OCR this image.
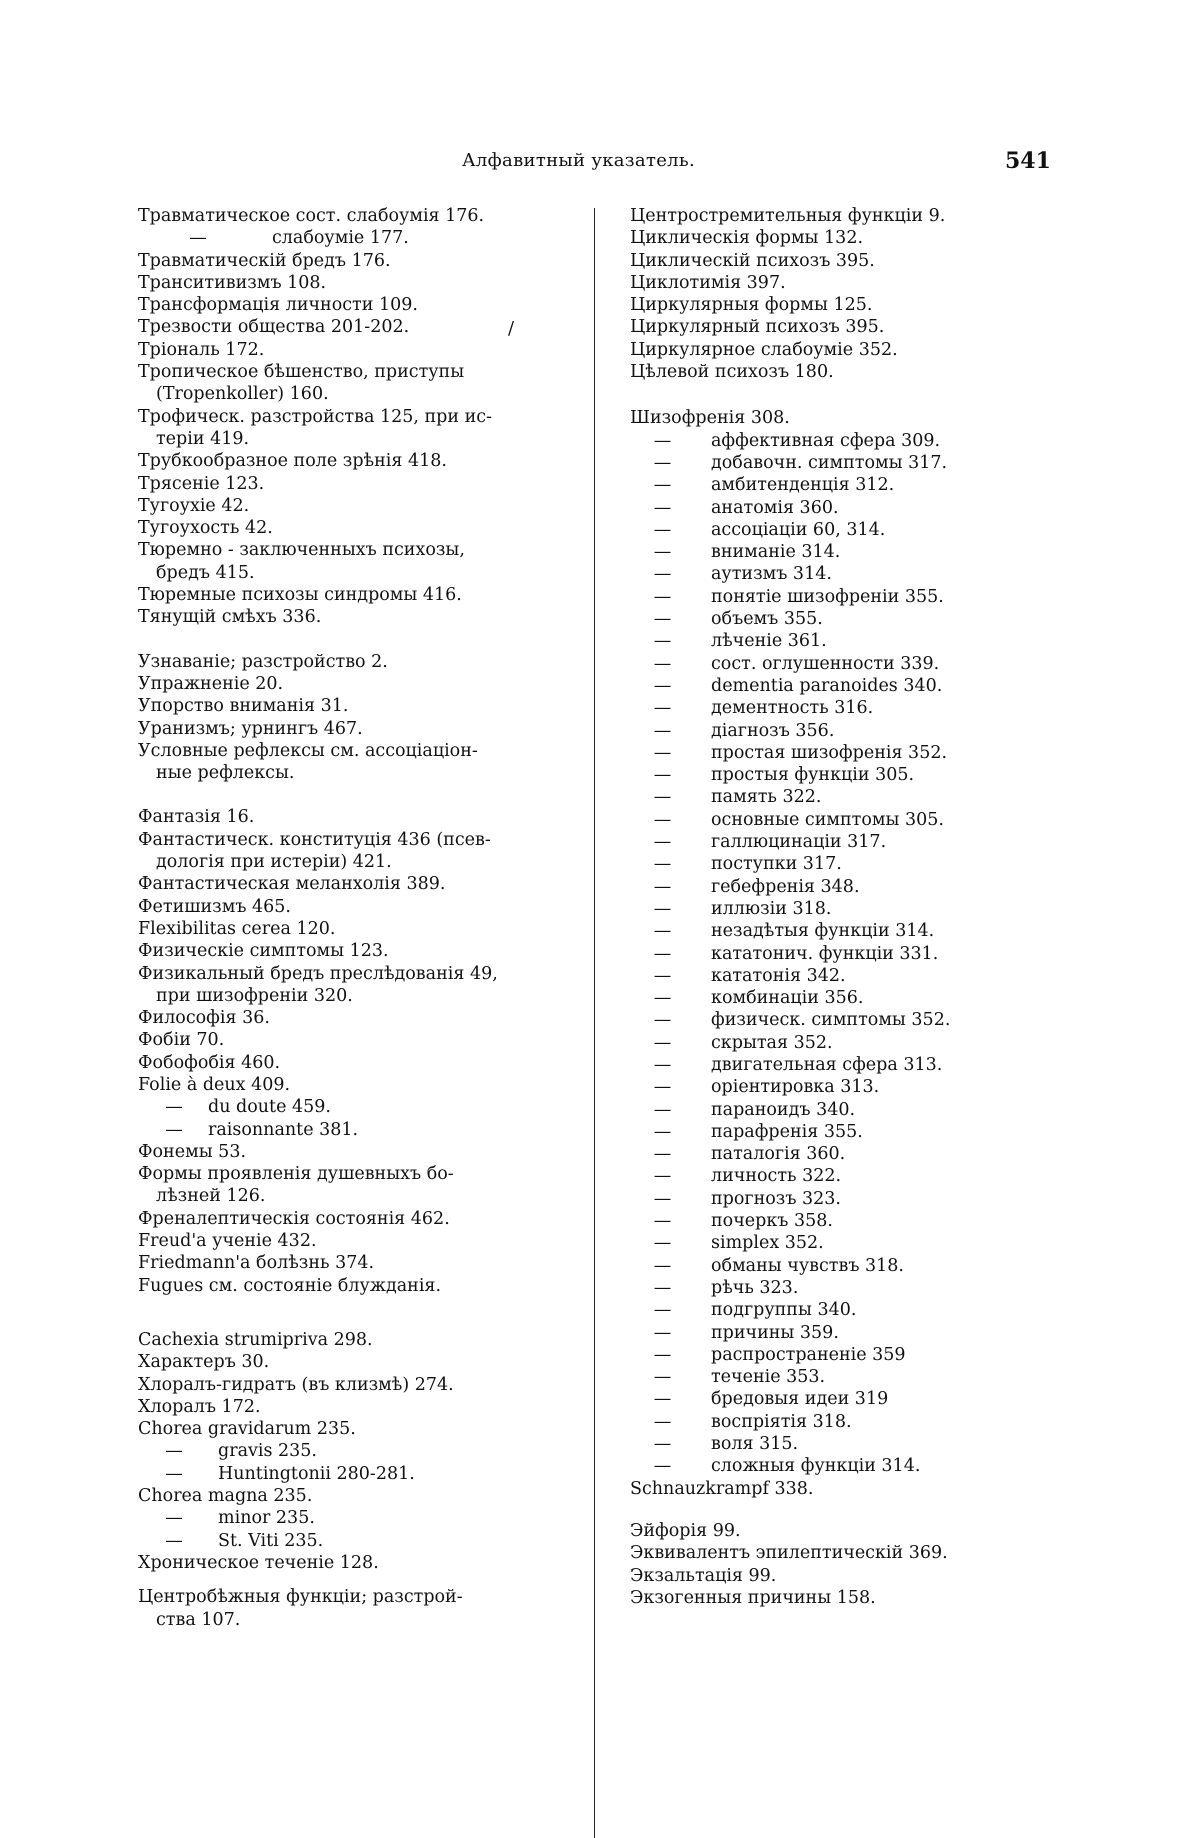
Алфавитный указатель.	541
/

Травматическое сост. слабоумія 176.

—	слабоуміе 177.

Травматическій бредъ 176.

Транситивизмъ 108.

Трансформація личности 109.

Трезвости общества 201-202.

Тріональ 172.

Тропическое бѣшенство, приступы

(Tropenkoller) 160.

Трофическ. разстройства 125, при ис-

теріи 419.

Трубкообразное поле зрѣнія 418.

Трясеніе 123.

Тугоухіе 42.

Тугоухость 42.

Тюремно - заключенныхъ психозы,

бредъ 415.

Тюремные психозы синдромы 416.

Тянущій смѣхъ 336.

Узнаваніе; разстройство 2.

Упражненіе 20.

Упорство вниманія 31.

Уранизмъ; урнингъ 467.

Условные рефлексы см. ассоціаціон-

ные рефлексы.

Фантазія 16.

Фантастическ. конституція 436 (псев-

дологія при истеріи) 421.

Фантастическая меланхолія 389.

Фетишизмъ 465.

Flexibilitas cerea 120.

Физическіе симптомы 123.

Физикальный бредъ преслѣдованія 49,

при шизофреніи 320.

Философія 36.

Фобіи 70.

Фобофобія 460.

Folie à deux 409.

—	du doute 459.
—	raisonnante 381.

Фонемы 53.

Формы проявленія душевныхъ бо-

лѣзней 126.

Френалептическія состоянія 462.

Freud'a ученіе 432.

Friedmann'a болѣзнь 374.

Fugues см. состояніе блужданія.

Cachexia strumipriva 298.

Характеръ 30.

Хлоралъ-гидратъ (въ клизмѣ) 274.

Хлоралъ 172.

Chorea gravidarum 235.

—	gravis 235.
—	Huntingtonii 280-281.

Chorea magna 235.

—	minor 235.
—	St. Viti 235.

Хроническое теченіе 128.

Центробѣжныя функціи; разстрой-

ства 107.

Центростремительныя функціи 9.

Циклическія формы 132.

Циклическій психозъ 395.

Циклотимія 397.

Циркулярныя формы 125.

Циркулярный психозъ 395.

Циркулярное слабоуміе 352.

Цѣлевой психозъ 180.

Шизофренія 308.

—	аффективная сфера 309.
—	добавочн. симптомы 317.
—	амбитенденція 312.
—	анатомія 360.
—	ассоціаціи 60, 314.
—	вниманіе 314.
—	аутизмъ 314.
—	понятіе шизофреніи 355.
—	объемъ 355.
—	лѣченіе 361.
—	сост. оглушенности 339.
—	dementia paranoides 340.
—	дементность 316.
—	діагнозъ 356.
—	простая шизофренія 352.
—	простыя функціи 305.
—	память 322.
—	основные симптомы 305.
—	галлюцинаціи 317.
—	поступки 317.
—	гебефренія 348.
—	иллюзіи 318.
—	незадѣтыя функціи 314.
—	кататонич. функціи 331.
—	кататонія 342.
—	комбинаціи 356.
—	физическ. симптомы 352.
—	скрытая 352.
—	двигательная сфера 313.
—	оріентировка 313.
—	параноидъ 340.
—	парафренія 355.
—	паталогія 360.
—	личность 322.
—	прогнозъ 323.
—	почеркъ 358.
—	simplex 352.
—	обманы чувствъ 318.
—	рѣчь 323.
—	подгруппы 340.
—	причины 359.
—	распространеніе 359
—	теченіе 353.
—	бредовыя идеи 319
—	воспріятія 318.
—	воля 315.
—	сложныя функціи 314.

Schnauzkrampf 338.

Эйфорія 99.

Эквивалентъ эпилептическій 369.

Экзальтація 99.

Экзогенныя причины 158.
